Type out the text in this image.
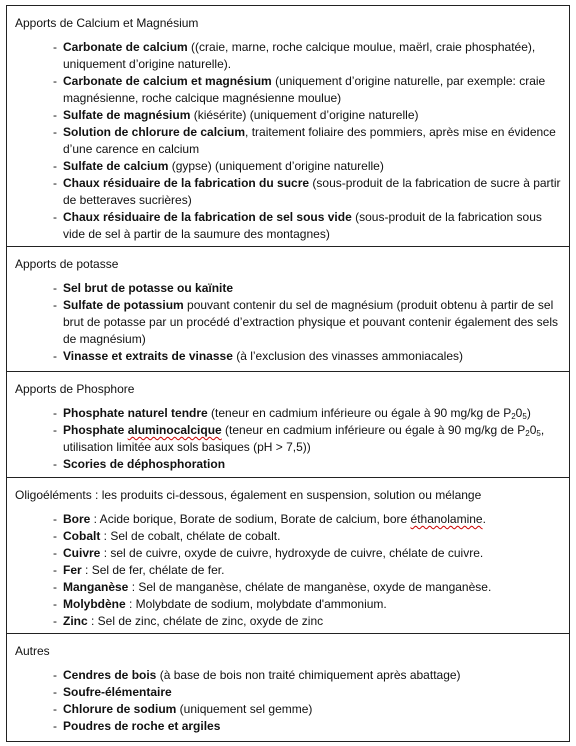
Apports de Calcium et Magnésium

- Carbonate de calcium ((craie, marne, roche calcique moulue, maërl, craie phosphatée), uniquement d’origine naturelle).
- Carbonate de calcium et magnésium (uniquement d’origine naturelle, par exemple: craie magnésienne, roche calcique magnésienne moulue)
- Sulfate de magnésium (kiésérite) (uniquement d’origine naturelle)
- Solution de chlorure de calcium, traitement foliaire des pommiers, après mise en évidence d’une carence en calcium
- Sulfate de calcium (gypse) (uniquement d’origine naturelle)
- Chaux résiduaire de la fabrication du sucre (sous-produit de la fabrication de sucre à partir de betteraves sucrières)
- Chaux résiduaire de la fabrication de sel sous vide (sous-produit de la fabrication sous vide de sel à partir de la saumure des montagnes)

Apports de potasse

- Sel brut de potasse ou kaïnite
- Sulfate de potassium pouvant contenir du sel de magnésium (produit obtenu à partir de sel brut de potasse par un procédé d’extraction physique et pouvant contenir également des sels de magnésium)
- Vinasse et extraits de vinasse (à l’exclusion des vinasses ammoniacales)

Apports de Phosphore

- Phosphate naturel tendre (teneur en cadmium inférieure ou égale à 90 mg/kg de $P_20_5$)
- Phosphate aluminocalcique (teneur en cadmium inférieure ou égale à 90 mg/kg de $P_20_5$, utilisation limitée aux sols basiques (pH > 7,5))
- Scories de déphosphoration

Oligoéléments : les produits ci-dessous, également en suspension, solution ou mélange

- Bore : Acide borique, Borate de sodium, Borate de calcium, bore éthanolamine.
- Cobalt : Sel de cobalt, chélate de cobalt.
- Cuivre : sel de cuivre, oxyde de cuivre, hydroxyde de cuivre, chélate de cuivre.
- Fer : Sel de fer, chélate de fer.
- Manganèse : Sel de manganèse, chélate de manganèse, oxyde de manganèse.
- Molybdène : Molybdate de sodium, molybdate d'ammonium.
- Zinc : Sel de zinc, chélate de zinc, oxyde de zinc

Autres

- Cendres de bois (à base de bois non traité chimiquement après abattage)
- Soufre-élémentaire
- Chlorure de sodium (uniquement sel gemme)
- Poudres de roche et argiles
